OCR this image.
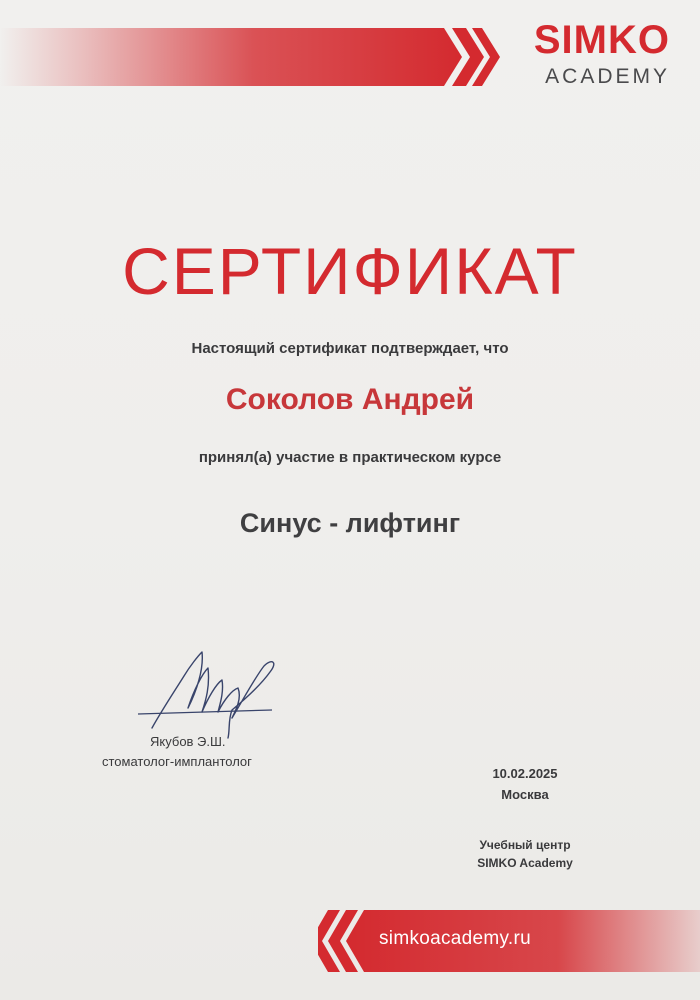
SIMKO
ACADEMY
СЕРТИФИКАТ
Настоящий сертификат подтверждает, что
Соколов Андрей
принял(а) участие в практическом курсе
Синус - лифтинг
Якубов Э.Ш.
стоматолог-имплантолог
10.02.2025
Москва
Учебный центр
SIMKO Academy
simkoacademy.ru
